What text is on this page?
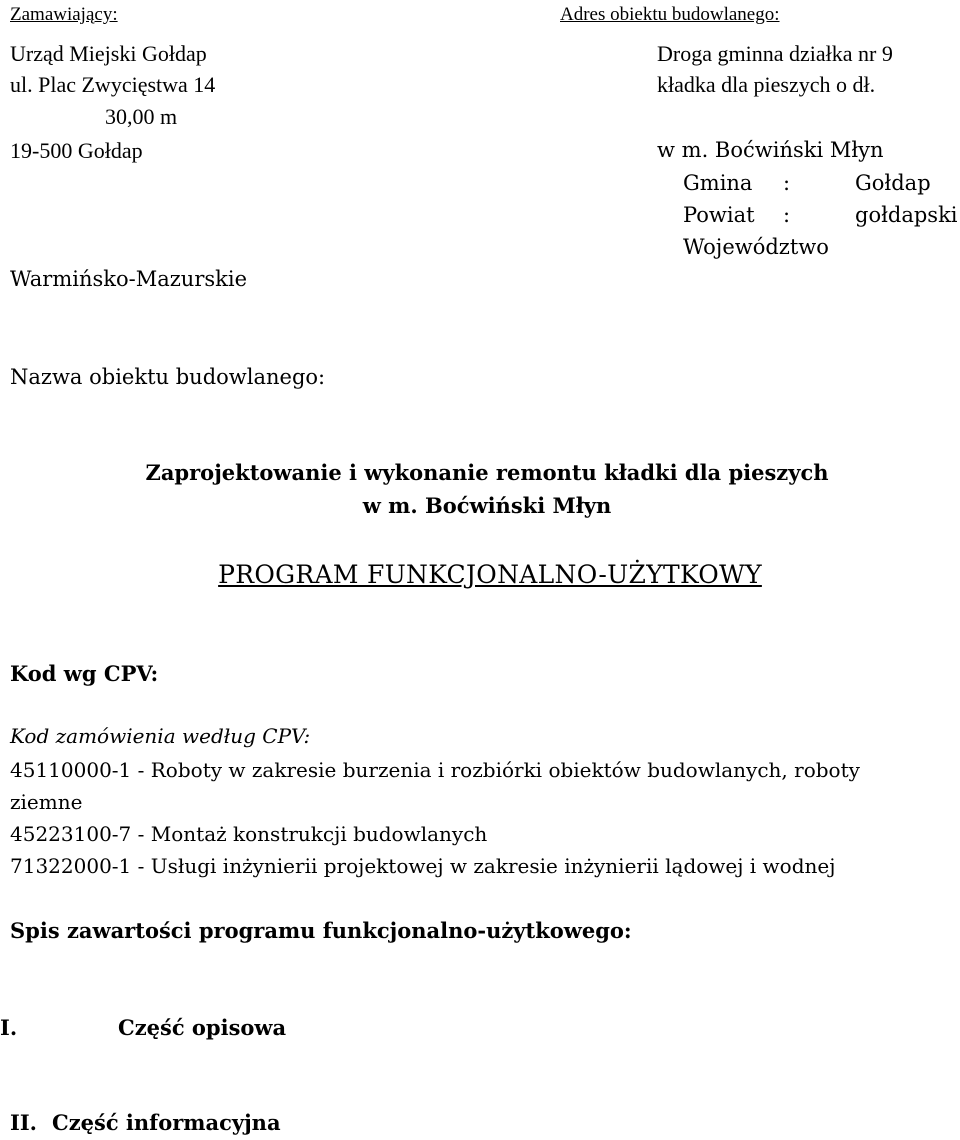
Zamawiający:	Adres obiektu budowlanego:
Urząd Miejski Gołdap
ul. Plac Zwycięstwa 14
30,00 m
19-500 Gołdap
Droga gminna działka nr 9
kładka dla pieszych o dł.
w m. Boćwiński Młyn
Gmina :	Gołdap
Powiat :	gołdapski
Województwo
Warmińsko-Mazurskie
Nazwa obiektu budowlanego:
Zaprojektowanie i wykonanie remontu kładki dla pieszych
w m. Boćwiński Młyn
PROGRAM FUNKCJONALNO-UŻYTKOWY
Kod wg CPV:
Kod zamówienia według CPV:
45110000-1 - Roboty w zakresie burzenia i rozbiórki obiektów budowlanych, roboty
ziemne
45223100-7 - Montaż konstrukcji budowlanych
71322000-1 - Usługi inżynierii projektowej w zakresie inżynierii lądowej i wodnej
Spis zawartości programu funkcjonalno-użytkowego:
I.	Część opisowa
II. Część informacyjna
